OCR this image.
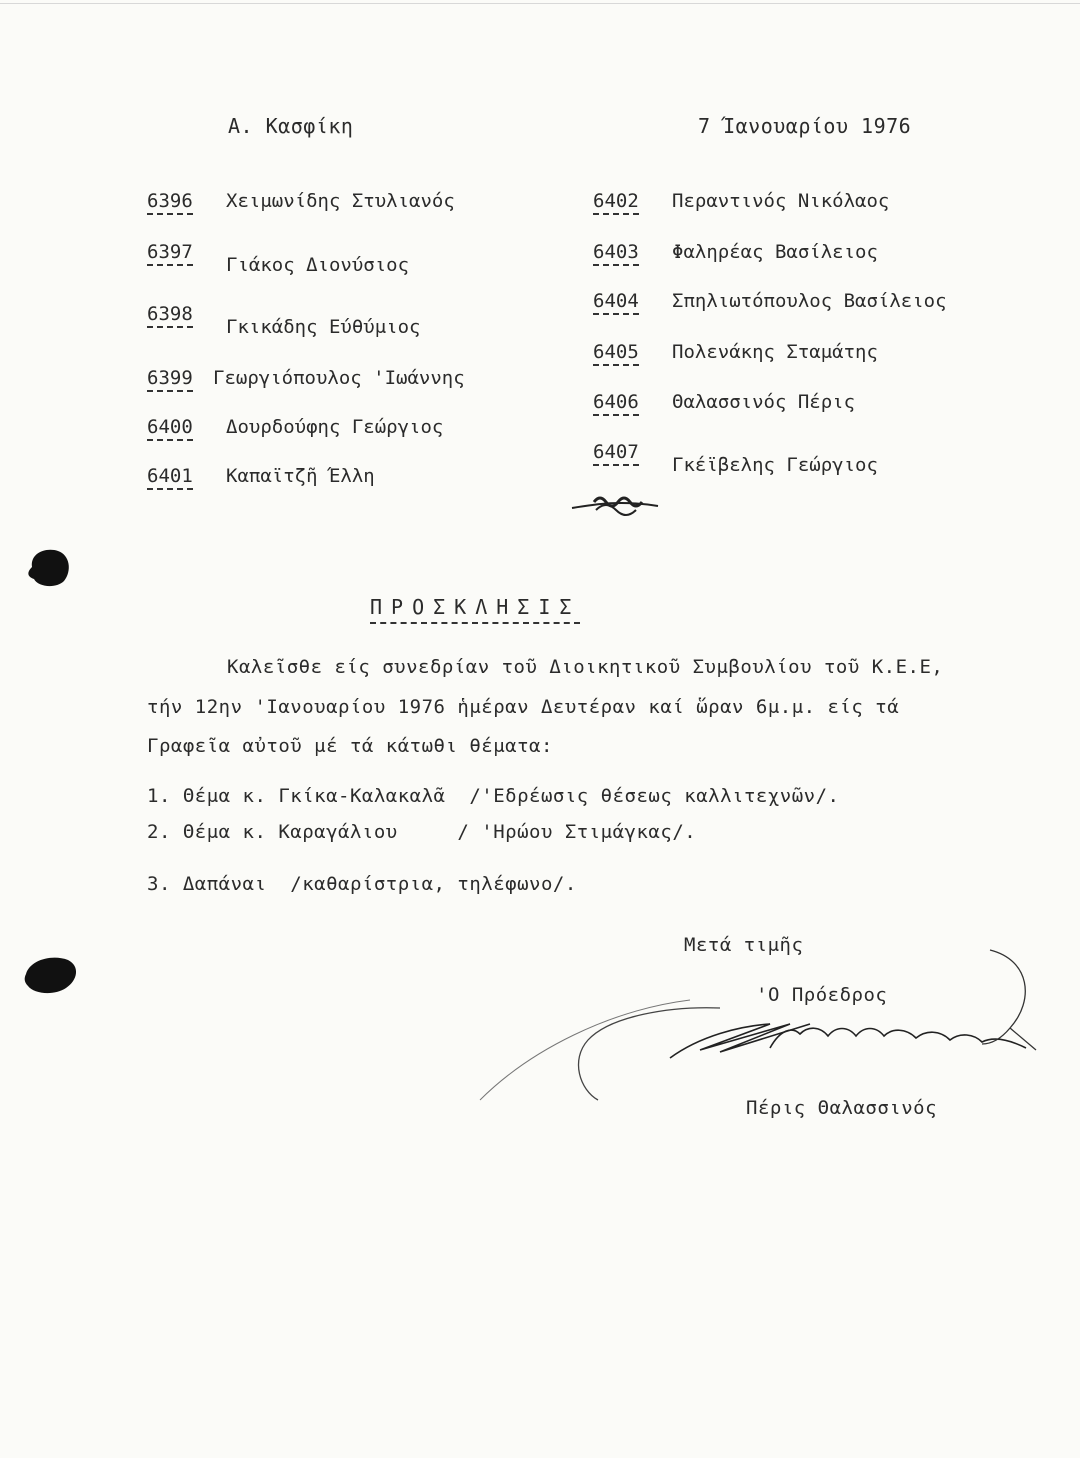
Α. Κασφίκη	7 Ίανουαρίου 1976
6396 Χειμωνίδης Στυλιανός
6397
Γιάκος Διονύσιος
6398
Γκικάδης Εύθύμιος
6399 Γεωργιόπουλος 'Ιωάννης
6400 Δουρδούφης Γεώργιος
6401 Καπαϊτζῆ Έλλη
6402 Περαντινός Νικόλαος
6403 Φαληρέας Βασίλειος
6404 Σπηλιωτόπουλος Βασίλειος
6405 Πολενάκης Σταμάτης
6406 Θαλασσινός Πέρις
6407
Γκέϊβελης Γεώργιος
ΠΡΟΣΚΛΗΣΙΣ
Καλεῖσθε είς συνεδρίαν τοῦ Διοικητικοῦ Συμβουλίου τοῦ Κ.Ε.Ε,
τήν 12ην 'Ιανουαρίου 1976 ἡμέραν Δευτέραν καί ὥραν 6μ.μ. είς τά
Γραφεῖα αὐτοῦ μέ τά κάτωθι θέματα:
1. Θέμα κ. Γκίκα-Καλακαλᾶ  /'Εδρέωσις θέσεως καλλιτεχνῶν/.
2. Θέμα κ. Καραγάλιου     / 'Ηρώου Στιμάγκας/.
3. Δαπάναι  /καθαρίστρια, τηλέφωνο/.
Μετά τιμῆς
'Ο Πρόεδρος
Πέρις Θαλασσινός
